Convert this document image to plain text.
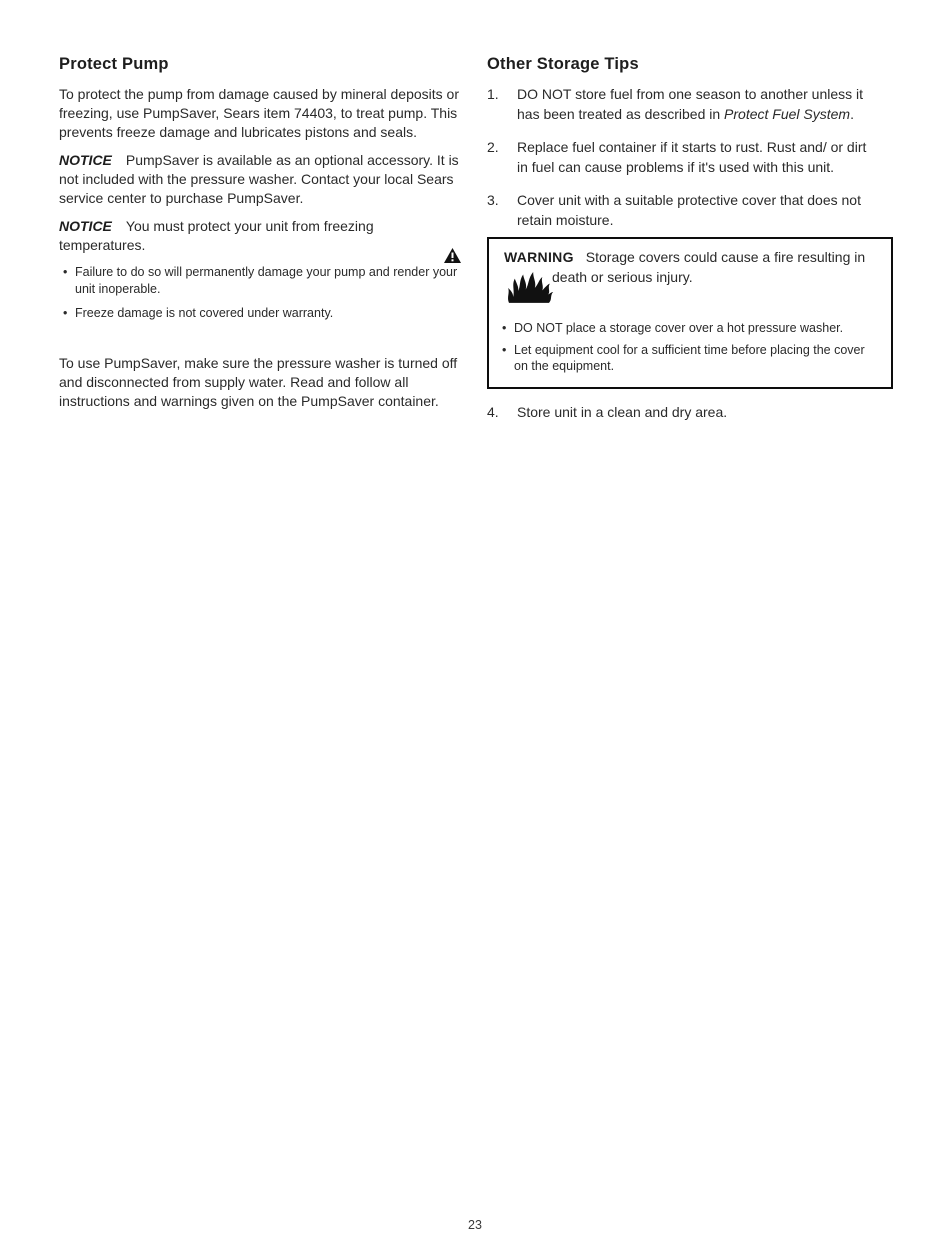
Protect Pump

To protect the pump from damage caused by mineral deposits or freezing, use PumpSaver, Sears item 74403, to treat pump. This prevents freeze damage and lubricates pistons and seals.

NOTICE PumpSaver is available as an optional accessory. It is not included with the pressure washer. Contact your local Sears service center to purchase PumpSaver.

NOTICE You must protect your unit from freezing temperatures.

•

Failure to do so will permanently damage your pump and render your unit inoperable.

•

Freeze damage is not covered under warranty.

To use PumpSaver, make sure the pressure washer is turned off and disconnected from supply water. Read and follow all instructions and warnings given on the PumpSaver container.

Other Storage Tips
1.	DO NOT store fuel from one season to another unless it has been treated as described in Protect Fuel System.

2.	Replace fuel container if it starts to rust. Rust and/ or dirt in fuel can cause problems if it's used with this unit.

3.	Cover unit with a suitable protective cover that does not retain moisture.

WARNING Storage covers could cause a fire resulting in death or serious injury.

•

DO NOT place a storage cover over a hot pressure washer.

•

Let equipment cool for a sufficient time before placing the cover on the equipment.

4.	Store unit in a clean and dry area.

23
